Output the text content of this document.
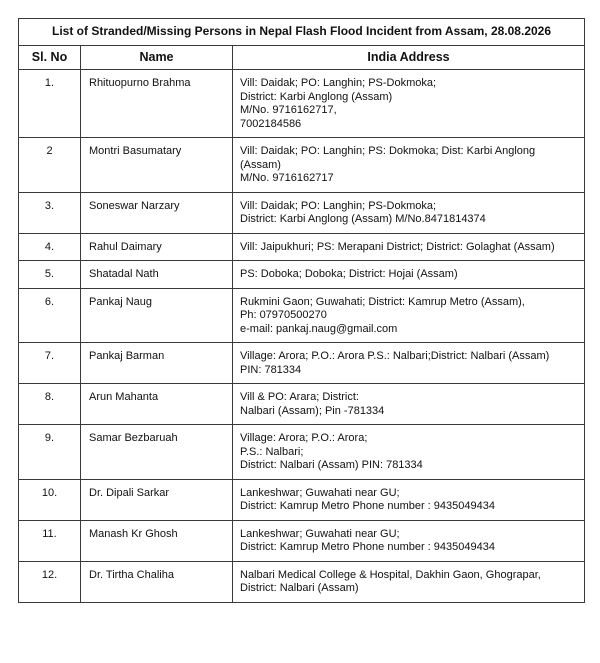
List of Stranded/Missing Persons in Nepal Flash Flood Incident from Assam, 28.08.2026		
Sl. No	Name	India Address
1.	Rhituopurno Brahma	Vill: Daidak; PO: Langhin; PS-Dokmoka;
District: Karbi Anglong (Assam)
M/No. 9716162717,
7002184586

2	Montri Basumatary	Vill: Daidak; PO: Langhin; PS: Dokmoka; Dist: Karbi Anglong (Assam)
M/No. 9716162717

3.	Soneswar Narzary	Vill: Daidak; PO: Langhin; PS-Dokmoka;
District: Karbi Anglong (Assam) M/No.8471814374

4.	Rahul Daimary	Vill: Jaipukhuri; PS: Merapani District; District: Golaghat (Assam)

5.	Shatadal Nath	PS: Doboka; Doboka; District: Hojai (Assam)

6.	Pankaj Naug	Rukmini Gaon; Guwahati; District: Kamrup Metro (Assam),
Ph: 07970500270
e-mail: pankaj.naug@gmail.com

7.	Pankaj Barman	Village: Arora; P.O.: Arora P.S.: Nalbari;District: Nalbari (Assam)
PIN: 781334

8.	Arun Mahanta	Vill & PO: Arara; District:
Nalbari (Assam); Pin -781334

9.	Samar Bezbaruah	Village: Arora; P.O.: Arora;
P.S.: Nalbari;
District: Nalbari (Assam) PIN: 781334

10.	Dr. Dipali Sarkar	Lankeshwar; Guwahati near GU;
District: Kamrup Metro Phone number : 9435049434

11.	Manash Kr Ghosh	Lankeshwar; Guwahati near GU;
District: Kamrup Metro Phone number : 9435049434

12.	Dr. Tirtha Chaliha	Nalbari Medical College & Hospital, Dakhin Gaon, Ghograpar, District: Nalbari (Assam)
